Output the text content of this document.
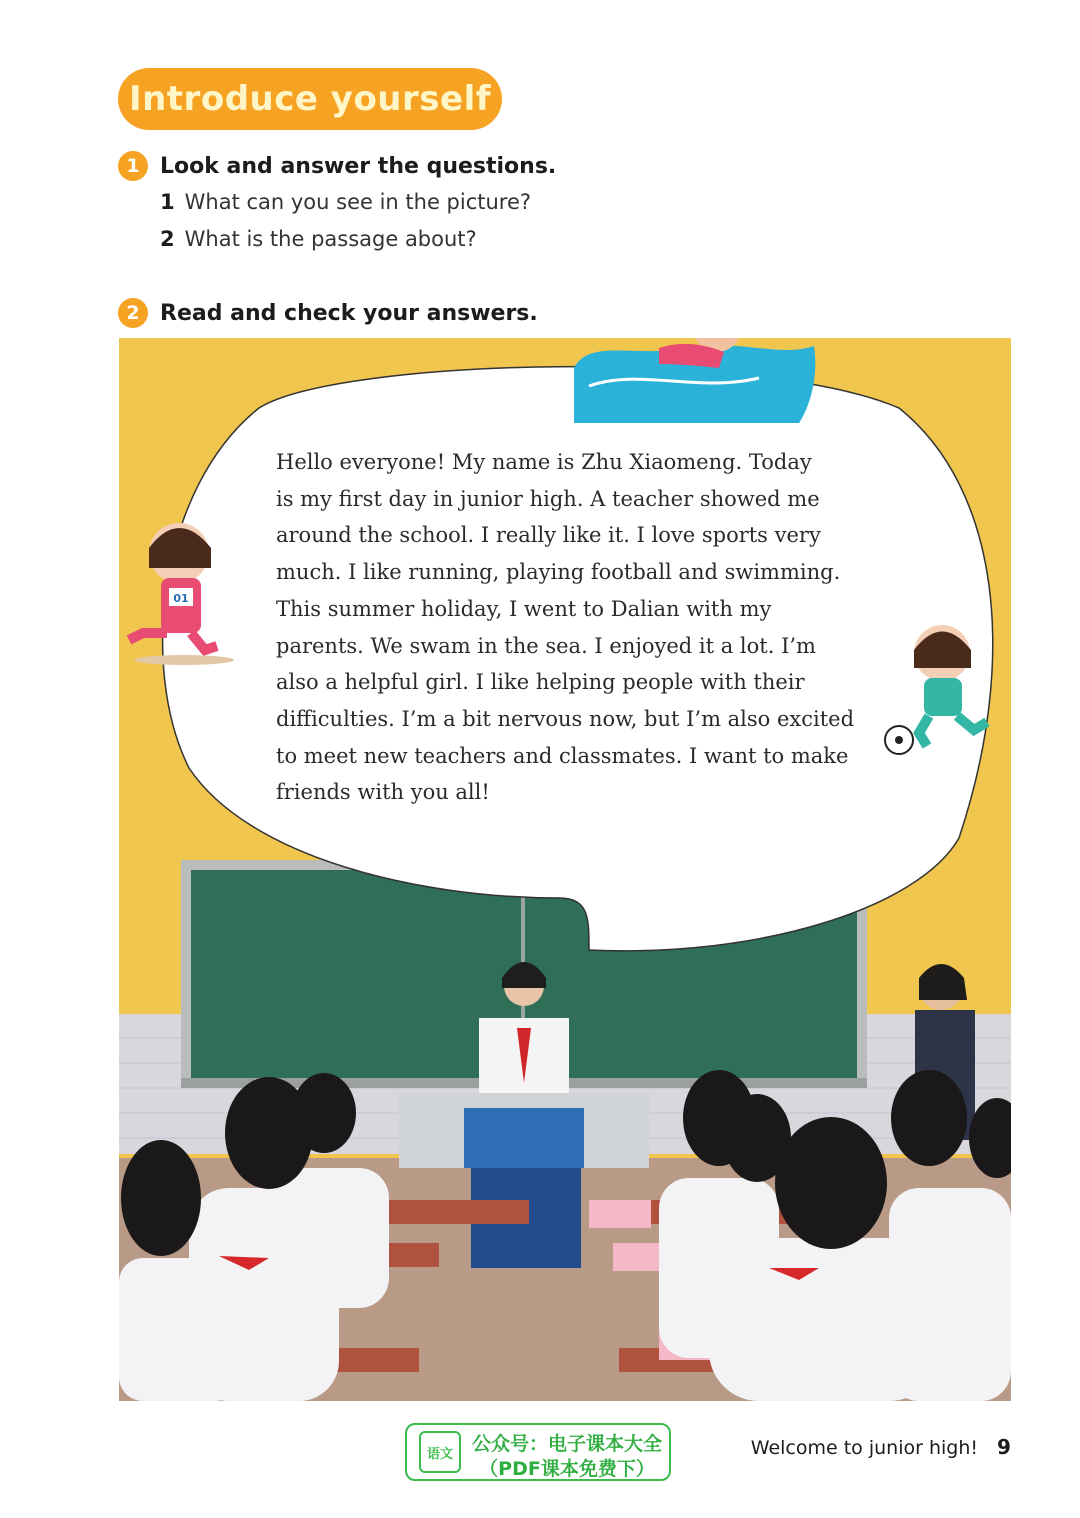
Introduce yourself
1 Look and answer the questions.
1 What can you see in the picture?
2 What is the passage about?
2 Read and check your answers.
01
Hello everyone! My name is Zhu Xiaomeng. Today
is my first day in junior high. A teacher showed me
around the school. I really like it. I love sports very
much. I like running, playing football and swimming.
This summer holiday, I went to Dalian with my
parents. We swam in the sea. I enjoyed it a lot. I’m
also a helpful girl. I like helping people with their
difficulties. I’m a bit nervous now, but I’m also excited
to meet new teachers and classmates. I want to make
friends with you all!
语文 公众号：电子课本大全
（PDF课本免费下）
Welcome to junior high! 9
